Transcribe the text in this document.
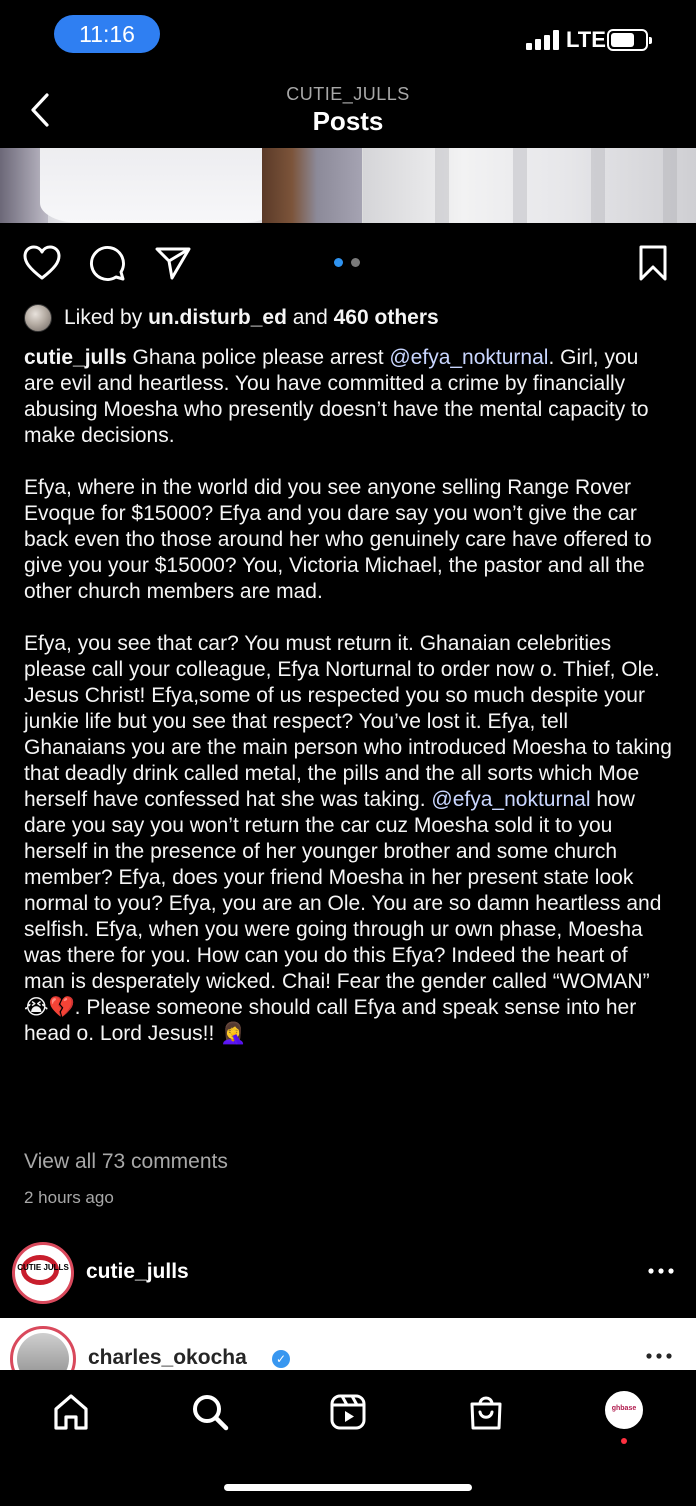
11:16	LTE
CUTIE_JULLS
Posts
Liked by un.disturb_ed and 460 others

cutie_julls Ghana police please arrest @efya_nokturnal. Girl, you are evil and heartless. You have committed a crime by financially abusing Moesha who presently doesn’t have the mental capacity to make decisions.

Efya, where in the world did you see anyone selling Range Rover Evoque for $15000? Efya and you dare say you won’t give the car back even tho those around her who genuinely care have offered to give you your $15000? You, Victoria Michael, the pastor and all the other church members are mad.

Efya, you see that car? You must return it. Ghanaian celebrities please call your colleague, Efya Norturnal to order now o. Thief, Ole. Jesus Christ! Efya,some of us respected you so much despite your junkie life but you see that respect? You’ve lost it. Efya, tell Ghanaians you are the main person who introduced Moesha to taking that deadly drink called metal, the pills and the all sorts which Moe herself have confessed hat she was taking. @efya_nokturnal how dare you say you won’t return the car cuz Moesha sold it to you herself in the presence of her younger brother and some church member? Efya, does your friend Moesha in her present state look normal to you? Efya, you are an Ole. You are so damn heartless and selfish. Efya, when you were going through ur own phase, Moesha was there for you. How can you do this Efya? Indeed the heart of man is desperately wicked. Chai! Fear the gender called “WOMAN” 😭💔. Please someone should call Efya and speak sense into her head o. Lord Jesus!! 🤦‍♀️

View all 73 comments
2 hours ago
CUTIE JULLS cutie_julls
charles_okocha	✓
ghbase
